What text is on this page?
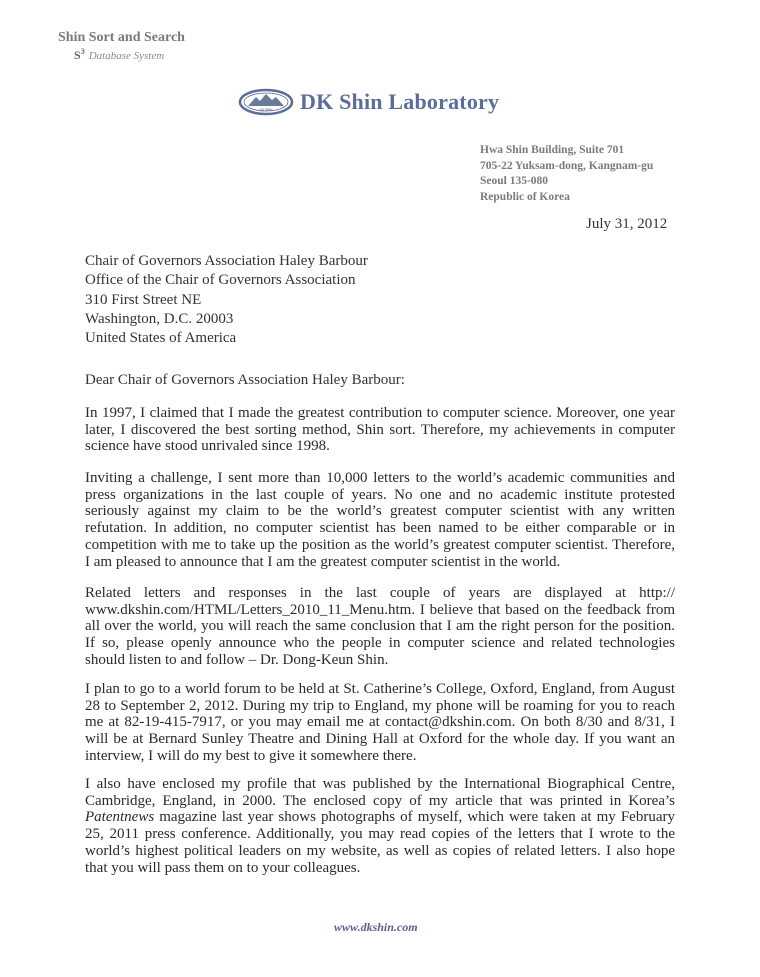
Shin Sort and Search
$S^3$ Database System
DK SHIN DK Shin Laboratory
Hwa Shin Building, Suite 701
705-22 Yuksam-dong, Kangnam-gu
Seoul 135-080
Republic of Korea
July 31, 2012
Chair of Governors Association Haley Barbour
Office of the Chair of Governors Association
310 First Street NE
Washington, D.C. 20003
United States of America
Dear Chair of Governors Association Haley Barbour:
In 1997, I claimed that I made the greatest contribution to computer science. Moreover, one year later, I discovered the best sorting method, Shin sort. Therefore, my achievements in computer science have stood unrivaled since 1998.
Inviting a challenge, I sent more than 10,000 letters to the world’s academic communities and press organizations in the last couple of years. No one and no academic institute protested seriously against my claim to be the world’s greatest computer scientist with any written refutation. In addition, no computer scientist has been named to be either comparable or in competition with me to take up the position as the world’s greatest computer scientist. Therefore, I am pleased to announce that I am the greatest computer scientist in the world.
Related letters and responses in the last couple of years are displayed at http:// www.dkshin.com/HTML/Letters_2010_11_Menu.htm. I believe that based on the feedback from all over the world, you will reach the same conclusion that I am the right person for the position. If so, please openly announce who the people in computer science and related technologies should listen to and follow – Dr. Dong-Keun Shin.
I plan to go to a world forum to be held at St. Catherine’s College, Oxford, England, from August 28 to September 2, 2012. During my trip to England, my phone will be roaming for you to reach me at 82-19-415-7917, or you may email me at contact@dkshin.com. On both 8/30 and 8/31, I will be at Bernard Sunley Theatre and Dining Hall at Oxford for the whole day. If you want an interview, I will do my best to give it somewhere there.
I also have enclosed my profile that was published by the International Biographical Centre, Cambridge, England, in 2000. The enclosed copy of my article that was printed in Korea’s Patentnews magazine last year shows photographs of myself, which were taken at my February 25, 2011 press conference. Additionally, you may read copies of the letters that I wrote to the world’s highest political leaders on my website, as well as copies of related letters. I also hope that you will pass them on to your colleagues.
www.dkshin.com
